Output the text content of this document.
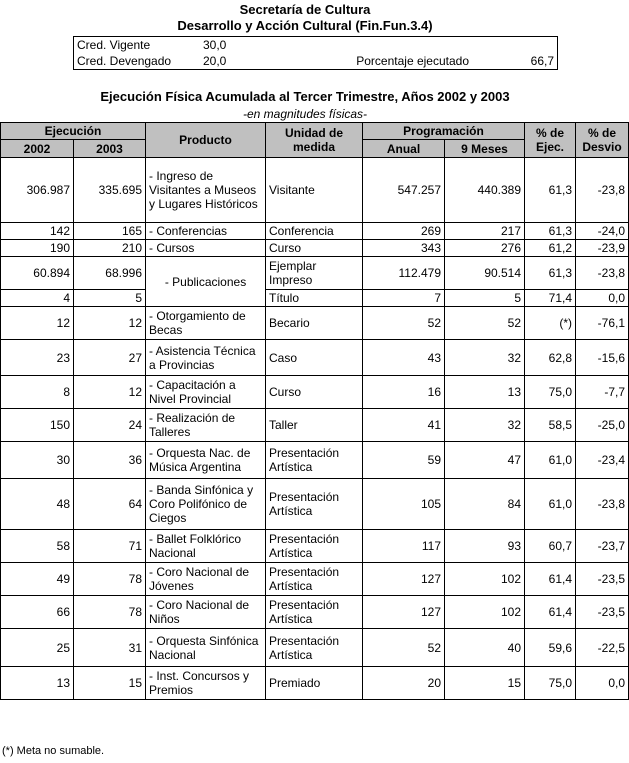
Secretaría de Cultura
Desarrollo y Acción Cultural (Fin.Fun.3.4)
Cred. Vigente	30,0		
Cred. Devengado	20,0	Porcentaje ejecutado	66,7
Ejecución Física Acumulada al Tercer Trimestre, Años 2002 y 2003
-en magnitudes físicas-
Ejecución		Producto	Unidad de medida	Programación		% de Ejec.	% de Desvio
2002	2003			Anual	9 Meses		
306.987	335.695	- Ingreso de Visitantes a Museos y Lugares Históricos	Visitante	547.257	440.389	61,3	-23,8
142	165	- Conferencias	Conferencia	269	217	61,3	-24,0
190	210	- Cursos	Curso	343	276	61,2	-23,9
60.894	68.996	- Publicaciones	Ejemplar Impreso	112.479	90.514	61,3	-23,8
4	5		Título	7	5	71,4	0,0
12	12	- Otorgamiento de Becas	Becario	52	52	(*)	-76,1
23	27	- Asistencia Técnica a Provincias	Caso	43	32	62,8	-15,6
8	12	- Capacitación a Nivel Provincial	Curso	16	13	75,0	-7,7
150	24	- Realización de Talleres	Taller	41	32	58,5	-25,0
30	36	- Orquesta Nac. de Música Argentina	Presentación Artística	59	47	61,0	-23,4
48	64	- Banda Sinfónica y Coro Polifónico de Ciegos	Presentación Artística	105	84	61,0	-23,8
58	71	- Ballet Folklórico Nacional	Presentación Artística	117	93	60,7	-23,7
49	78	- Coro Nacional de Jóvenes	Presentación Artística	127	102	61,4	-23,5
66	78	- Coro Nacional de Niños	Presentación Artística	127	102	61,4	-23,5
25	31	- Orquesta Sinfónica Nacional	Presentación Artística	52	40	59,6	-22,5
13	15	- Inst. Concursos y Premios	Premiado	20	15	75,0	0,0
(*) Meta no sumable.
